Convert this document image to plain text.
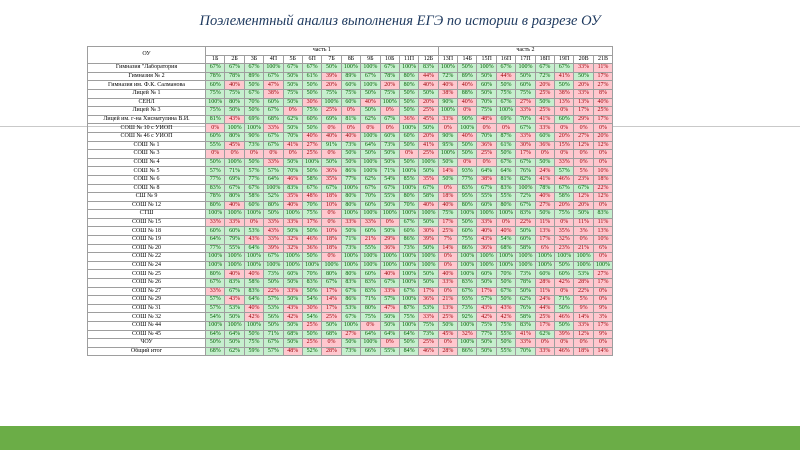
Поэлементный анализ выполнения ЕГЭ по истории в разрезе ОУ
ОУ	часть 1												часть 2								
	1Б	2Б	3Б	4П	5Б	6П	7Б	8Б	9Б	10Б	11П	12Б	13П	14Б	15П	16П	17П	18П	19П	20В	21В
Гимназия "Лаборатория	67%	67%	67%	100%	67%	67%	50%	100%	100%	67%	100%	83%	100%	50%	100%	67%	100%	67%	67%	33%	11%
Гимназия № 2	78%	78%	89%	67%	50%	61%	39%	89%	67%	78%	80%	44%	72%	89%	50%	44%	50%	72%	41%	50%	17%
Гимназия им. Ф.К. Салманова	60%	40%	50%	47%	50%	50%	20%	60%	100%	20%	80%	40%	40%	40%	60%	50%	60%	20%	50%	20%	27%
Лицей № 1	75%	75%	67%	38%	75%	50%	75%	75%	50%	75%	50%	50%	38%	88%	50%	75%	75%	25%	38%	33%	8%
СЕНЛ	100%	80%	70%	60%	50%	30%	100%	60%	40%	100%	50%	20%	90%	40%	70%	67%	27%	50%	13%	13%	40%
Лицей № 3	75%	50%	50%	67%	0%	75%	25%	0%	50%	0%	50%	25%	100%	0%	75%	100%	33%	25%	0%	17%	25%
Лицей им. г-на Хисматулина В.И.	81%	43%	69%	68%	62%	60%	69%	81%	62%	67%	36%	45%	33%	90%	48%	69%	70%	41%	60%	29%	17%
СОШ № 10 с УИОП	0%	100%	100%	33%	50%	50%	0%	0%	0%	0%	100%	50%	0%	100%	0%	0%	67%	33%	0%	0%	0%
СОШ № 46 с УИОП	60%	80%	90%	67%	70%	40%	40%	40%	100%	60%	60%	20%	90%	40%	70%	87%	33%	60%	20%	27%	20%
СОШ № 1	55%	45%	73%	67%	41%	27%	91%	73%	64%	73%	50%	41%	95%	50%	36%	61%	30%	36%	15%	12%	12%
СОШ № 3	0%	0%	0%	0%	0%	25%	0%	50%	50%	50%	0%	25%	100%	50%	25%	50%	17%	0%	0%	0%	0%
СОШ № 4	50%	100%	50%	33%	50%	100%	50%	50%	100%	50%	50%	100%	50%	0%	0%	67%	67%	50%	33%	0%	0%
СОШ № 5	57%	71%	57%	57%	70%	50%	36%	86%	100%	71%	100%	50%	14%	93%	64%	64%	76%	24%	57%	5%	10%
СОШ № 6	77%	69%	77%	64%	46%	58%	35%	77%	62%	54%	85%	35%	50%	77%	38%	81%	82%	41%	46%	23%	18%
СОШ № 8	83%	67%	67%	100%	83%	67%	67%	100%	67%	67%	100%	67%	0%	83%	67%	83%	100%	78%	67%	67%	22%
СШ № 9	78%	80%	58%	52%	35%	48%	18%	80%	70%	55%	80%	58%	18%	95%	55%	55%	72%	40%	58%	12%	12%
СОШ № 12	80%	40%	60%	80%	40%	70%	10%	80%	60%	50%	70%	40%	40%	80%	60%	80%	67%	27%	20%	20%	0%
СТШ	100%	100%	100%	50%	100%	75%	0%	100%	100%	100%	100%	100%	75%	100%	100%	100%	83%	50%	75%	50%	83%
СОШ № 15	33%	33%	0%	33%	33%	17%	0%	33%	33%	0%	67%	50%	17%	50%	33%	0%	22%	11%	0%	11%	11%
СОШ № 18	60%	60%	53%	43%	50%	50%	10%	50%	60%	50%	60%	30%	25%	60%	40%	40%	50%	13%	35%	3%	13%
СОШ № 19	64%	79%	43%	33%	32%	46%	18%	71%	21%	29%	86%	39%	7%	75%	43%	54%	60%	17%	32%	0%	10%
СОШ № 20	77%	55%	64%	39%	32%	36%	18%	73%	55%	36%	73%	50%	14%	86%	36%	68%	58%	6%	23%	21%	6%
СОШ № 22	100%	100%	100%	67%	100%	50%	0%	100%	100%	100%	100%	100%	0%	100%	100%	100%	100%	100%	100%	100%	0%
СОШ № 24	100%	100%	100%	100%	100%	100%	100%	100%	100%	100%	100%	100%	0%	100%	100%	100%	100%	100%	50%	100%	100%
СОШ № 25	80%	40%	40%	73%	60%	70%	80%	80%	60%	40%	100%	50%	40%	100%	60%	70%	73%	60%	60%	53%	27%
СОШ № 26	67%	83%	58%	50%	50%	83%	67%	83%	83%	67%	100%	50%	33%	83%	50%	50%	78%	28%	42%	28%	17%
СОШ № 27	33%	67%	83%	22%	33%	50%	17%	67%	83%	33%	67%	17%	0%	67%	17%	67%	50%	11%	0%	22%	0%
СОШ № 29	57%	43%	64%	57%	50%	54%	14%	86%	71%	57%	100%	36%	21%	93%	57%	50%	62%	24%	71%	5%	0%
СОШ № 31	57%	53%	40%	53%	43%	30%	17%	53%	80%	47%	87%	53%	13%	73%	43%	43%	76%	44%	50%	9%	9%
СОШ № 32	54%	50%	42%	56%	42%	54%	25%	67%	75%	50%	75%	33%	25%	92%	42%	42%	58%	25%	46%	14%	3%
СОШ № 44	100%	100%	100%	50%	50%	25%	50%	100%	0%	50%	100%	75%	50%	100%	75%	75%	83%	17%	50%	33%	17%
СОШ № 45	64%	64%	50%	71%	68%	50%	68%	27%	64%	64%	64%	73%	45%	32%	77%	55%	41%	62%	39%	12%	9%
ЧОУ	50%	50%	75%	67%	50%	25%	0%	50%	100%	0%	50%	25%	0%	100%	50%	50%	33%	0%	0%	0%	0%
Общий итог	68%	62%	59%	57%	48%	52%	28%	73%	66%	55%	84%	46%	28%	86%	50%	55%	70%	33%	46%	18%	14%
